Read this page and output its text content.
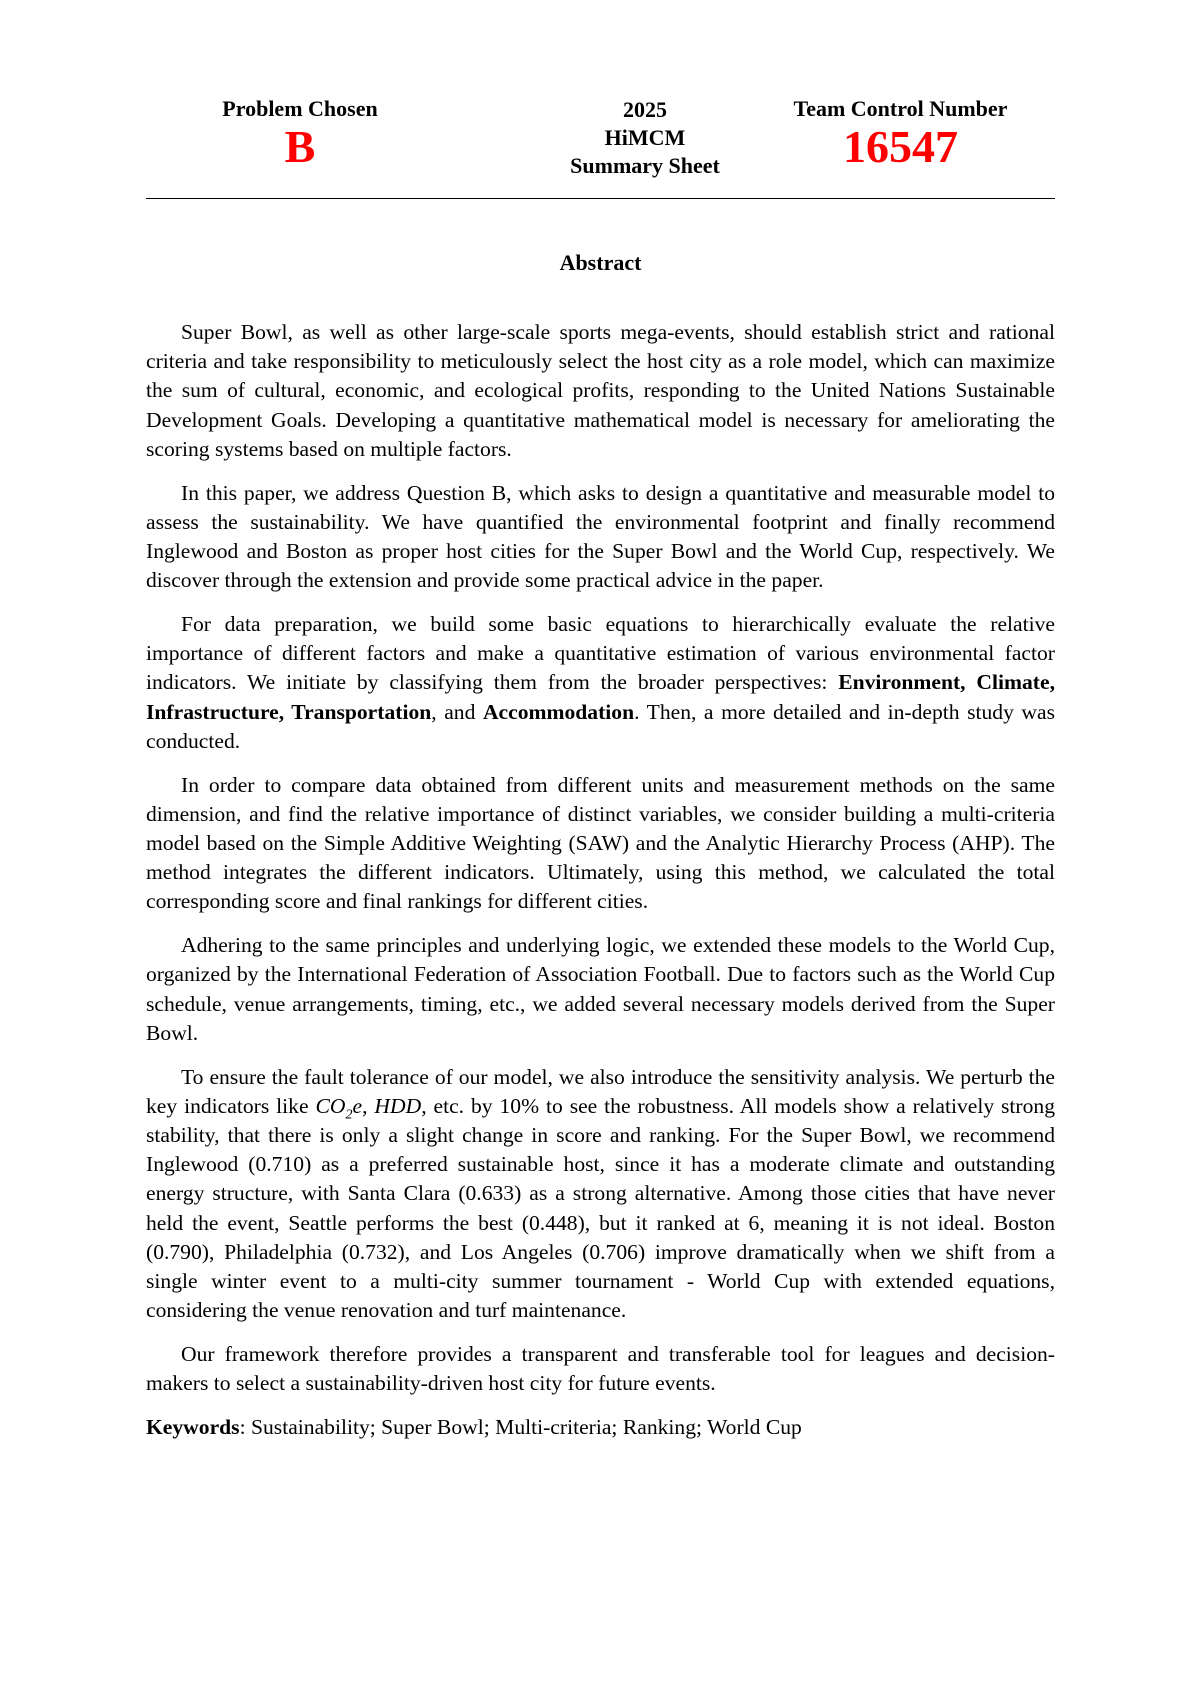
Problem Chosen
B
2025
HiMCM
Summary Sheet
Team Control Number
16547
Abstract

Super Bowl, as well as other large-scale sports mega-events, should establish strict and rational criteria and take responsibility to meticulously select the host city as a role model, which can maximize the sum of cultural, economic, and ecological profits, responding to the United Nations Sustainable Development Goals. Developing a quantitative mathematical model is necessary for ameliorating the scoring systems based on multiple factors.

In this paper, we address Question B, which asks to design a quantitative and measurable model to assess the sustainability. We have quantified the environmental footprint and finally recommend Inglewood and Boston as proper host cities for the Super Bowl and the World Cup, respectively. We discover through the extension and provide some practical advice in the paper.

For data preparation, we build some basic equations to hierarchically evaluate the relative importance of different factors and make a quantitative estimation of various environmental factor indicators. We initiate by classifying them from the broader perspectives: Environment, Climate, Infrastructure, Transportation, and Accommodation. Then, a more detailed and in-depth study was conducted.

In order to compare data obtained from different units and measurement methods on the same dimension, and find the relative importance of distinct variables, we consider building a multi-criteria model based on the Simple Additive Weighting (SAW) and the Analytic Hierarchy Process (AHP). The method integrates the different indicators. Ultimately, using this method, we calculated the total corresponding score and final rankings for different cities.

Adhering to the same principles and underlying logic, we extended these models to the World Cup, organized by the International Federation of Association Football. Due to factors such as the World Cup schedule, venue arrangements, timing, etc., we added several necessary models derived from the Super Bowl.

To ensure the fault tolerance of our model, we also introduce the sensitivity analysis. We perturb the key indicators like $CO_2e$, HDD, etc. by 10% to see the robustness. All models show a relatively strong stability, that there is only a slight change in score and ranking. For the Super Bowl, we recommend Inglewood (0.710) as a preferred sustainable host, since it has a moderate climate and outstanding energy structure, with Santa Clara (0.633) as a strong alternative. Among those cities that have never held the event, Seattle performs the best (0.448), but it ranked at 6, meaning it is not ideal. Boston (0.790), Philadelphia (0.732), and Los Angeles (0.706) improve dramatically when we shift from a single winter event to a multi-city summer tournament - World Cup with extended equations, considering the venue renovation and turf maintenance.

Our framework therefore provides a transparent and transferable tool for leagues and decision-makers to select a sustainability-driven host city for future events.

Keywords: Sustainability; Super Bowl; Multi-criteria; Ranking; World Cup
